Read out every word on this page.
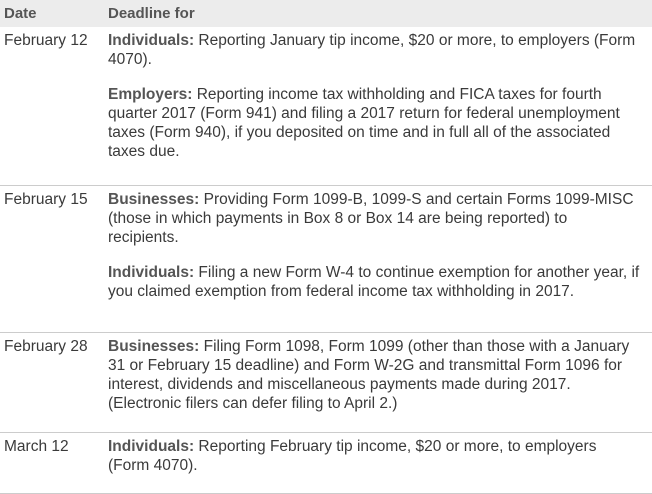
Date	Deadline for
February 12	Individuals: Reporting January tip income, $20 or more, to employers (Form 4070).

Employers: Reporting income tax withholding and FICA taxes for fourth quarter 2017 (Form 941) and filing a 2017 return for federal unemployment taxes (Form 940), if you deposited on time and in full all of the associated taxes due.

February 15	Businesses: Providing Form 1099-B, 1099-S and certain Forms 1099-MISC (those in which payments in Box 8 or Box 14 are being reported) to recipients.

Individuals: Filing a new Form W-4 to continue exemption for another year, if you claimed exemption from federal income tax withholding in 2017.

February 28	Businesses: Filing Form 1098, Form 1099 (other than those with a January 31 or February 15 deadline) and Form W-2G and transmittal Form 1096 for interest, dividends and miscellaneous payments made during 2017. (Electronic filers can defer filing to April 2.)

March 12	Individuals: Reporting February tip income, $20 or more, to employers (Form 4070).
